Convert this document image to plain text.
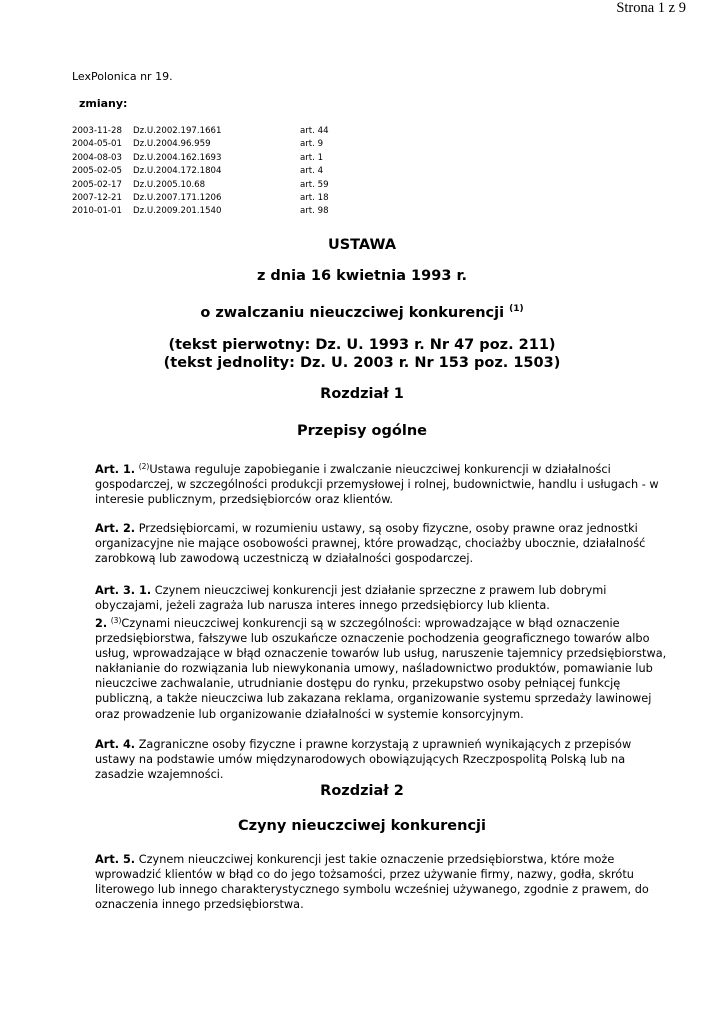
Strona 1 z 9
LexPolonica nr 19.
zmiany:
2003-11-28	Dz.U.2002.197.1661	art. 44
2004-05-01	Dz.U.2004.96.959	art. 9
2004-08-03	Dz.U.2004.162.1693	art. 1
2005-02-05	Dz.U.2004.172.1804	art. 4
2005-02-17	Dz.U.2005.10.68	art. 59
2007-12-21	Dz.U.2007.171.1206	art. 18
2010-01-01	Dz.U.2009.201.1540	art. 98
USTAWA
z dnia 16 kwietnia 1993 r.
o zwalczaniu nieuczciwej konkurencji $^{(1)}$
(tekst pierwotny: Dz. U. 1993 r. Nr 47 poz. 211)
(tekst jednolity: Dz. U. 2003 r. Nr 153 poz. 1503)
Rozdział 1
Przepisy ogólne

Art. 1. $^{(2)}$Ustawa reguluje zapobieganie i zwalczanie nieuczciwej konkurencji w działalności gospodarczej, w szczególności produkcji przemysłowej i rolnej, budownictwie, handlu i usługach - w interesie publicznym, przedsiębiorców oraz klientów.

Art. 2. Przedsiębiorcami, w rozumieniu ustawy, są osoby fizyczne, osoby prawne oraz jednostki organizacyjne nie mające osobowości prawnej, które prowadząc, chociażby ubocznie, działalność zarobkową lub zawodową uczestniczą w działalności gospodarczej.

Art. 3. 1. Czynem nieuczciwej konkurencji jest działanie sprzeczne z prawem lub dobrymi obyczajami, jeżeli zagraża lub narusza interes innego przedsiębiorcy lub klienta.

2. $^{(3)}$Czynami nieuczciwej konkurencji są w szczególności: wprowadzające w błąd oznaczenie przedsiębiorstwa, fałszywe lub oszukańcze oznaczenie pochodzenia geograficznego towarów albo usług, wprowadzające w błąd oznaczenie towarów lub usług, naruszenie tajemnicy przedsiębiorstwa, nakłanianie do rozwiązania lub niewykonania umowy, naśladownictwo produktów, pomawianie lub nieuczciwe zachwalanie, utrudnianie dostępu do rynku, przekupstwo osoby pełniącej funkcję publiczną, a także nieuczciwa lub zakazana reklama, organizowanie systemu sprzedaży lawinowej oraz prowadzenie lub organizowanie działalności w systemie konsorcyjnym.

Art. 4. Zagraniczne osoby fizyczne i prawne korzystają z uprawnień wynikających z przepisów ustawy na podstawie umów międzynarodowych obowiązujących Rzeczpospolitą Polską lub na zasadzie wzajemności.

Rozdział 2
Czyny nieuczciwej konkurencji

Art. 5. Czynem nieuczciwej konkurencji jest takie oznaczenie przedsiębiorstwa, które może wprowadzić klientów w błąd co do jego tożsamości, przez używanie firmy, nazwy, godła, skrótu literowego lub innego charakterystycznego symbolu wcześniej używanego, zgodnie z prawem, do oznaczenia innego przedsiębiorstwa.
